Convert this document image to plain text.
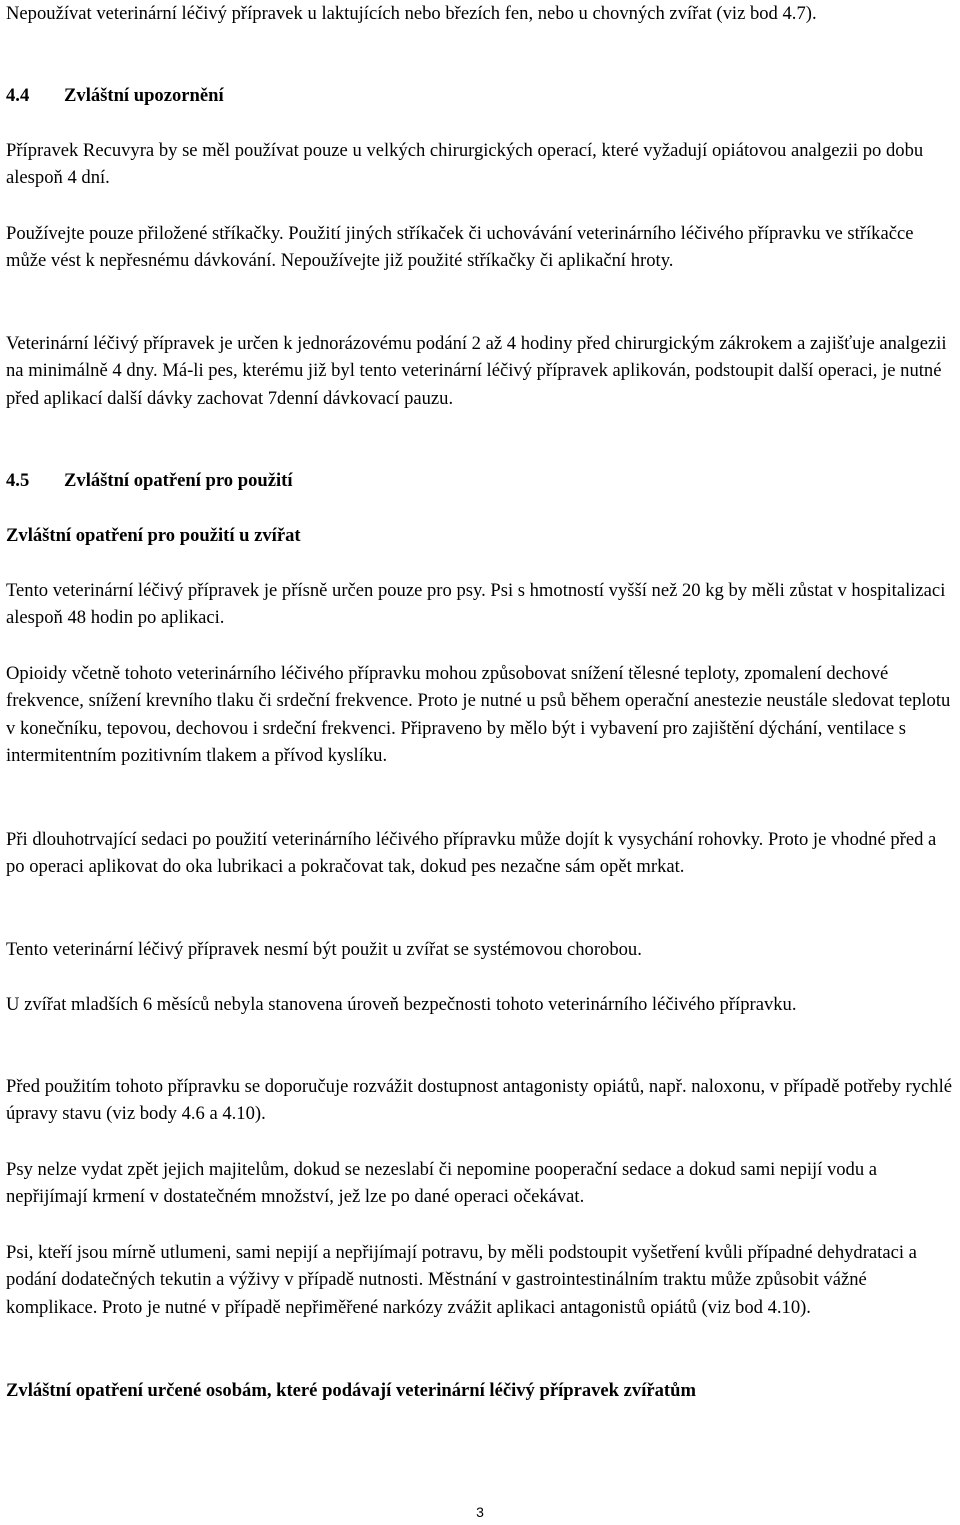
Nepoužívat veterinární léčivý přípravek u laktujících nebo březích fen, nebo u chovných zvířat (viz bod 4.7).

4.4 Zvláštní upozornění

Přípravek Recuvyra by se měl používat pouze u velkých chirurgických operací, které vyžadují opiátovou analgezii po dobu alespoň 4 dní.

Používejte pouze přiložené stříkačky. Použití jiných stříkaček či uchovávání veterinárního léčivého přípravku ve stříkačce může vést k nepřesnému dávkování. Nepoužívejte již použité stříkačky či aplikační hroty.

Veterinární léčivý přípravek je určen k jednorázovému podání 2 až 4 hodiny před chirurgickým zákrokem a zajišťuje analgezii na minimálně 4 dny. Má-li pes, kterému již byl tento veterinární léčivý přípravek aplikován, podstoupit další operaci, je nutné před aplikací další dávky zachovat 7denní dávkovací pauzu.

4.5 Zvláštní opatření pro použití
Zvláštní opatření pro použití u zvířat

Tento veterinární léčivý přípravek je přísně určen pouze pro psy. Psi s hmotností vyšší než 20 kg by měli zůstat v hospitalizaci alespoň 48 hodin po aplikaci.

Opioidy včetně tohoto veterinárního léčivého přípravku mohou způsobovat snížení tělesné teploty, zpomalení dechové frekvence, snížení krevního tlaku či srdeční frekvence. Proto je nutné u psů během operační anestezie neustále sledovat teplotu v konečníku, tepovou, dechovou i srdeční frekvenci. Připraveno by mělo být i vybavení pro zajištění dýchání, ventilace s intermitentním pozitivním tlakem a přívod kyslíku.

Při dlouhotrvající sedaci po použití veterinárního léčivého přípravku může dojít k vysychání rohovky. Proto je vhodné před a po operaci aplikovat do oka lubrikaci a pokračovat tak, dokud pes nezačne sám opět mrkat.

Tento veterinární léčivý přípravek nesmí být použit u zvířat se systémovou chorobou.

U zvířat mladších 6 měsíců nebyla stanovena úroveň bezpečnosti tohoto veterinárního léčivého přípravku.

Před použitím tohoto přípravku se doporučuje rozvážit dostupnost antagonisty opiátů, např. naloxonu, v případě potřeby rychlé úpravy stavu (viz body 4.6 a 4.10).

Psy nelze vydat zpět jejich majitelům, dokud se nezeslabí či nepomine pooperační sedace a dokud sami nepijí vodu a nepřijímají krmení v dostatečném množství, jež lze po dané operaci očekávat.

Psi, kteří jsou mírně utlumeni, sami nepijí a nepřijímají potravu, by měli podstoupit vyšetření kvůli případné dehydrataci a podání dodatečných tekutin a výživy v případě nutnosti. Městnání v gastrointestinálním traktu může způsobit vážné komplikace. Proto je nutné v případě nepřiměřené narkózy zvážit aplikaci antagonistů opiátů (viz bod 4.10).

Zvláštní opatření určené osobám, které podávají veterinární léčivý přípravek zvířatům
3
